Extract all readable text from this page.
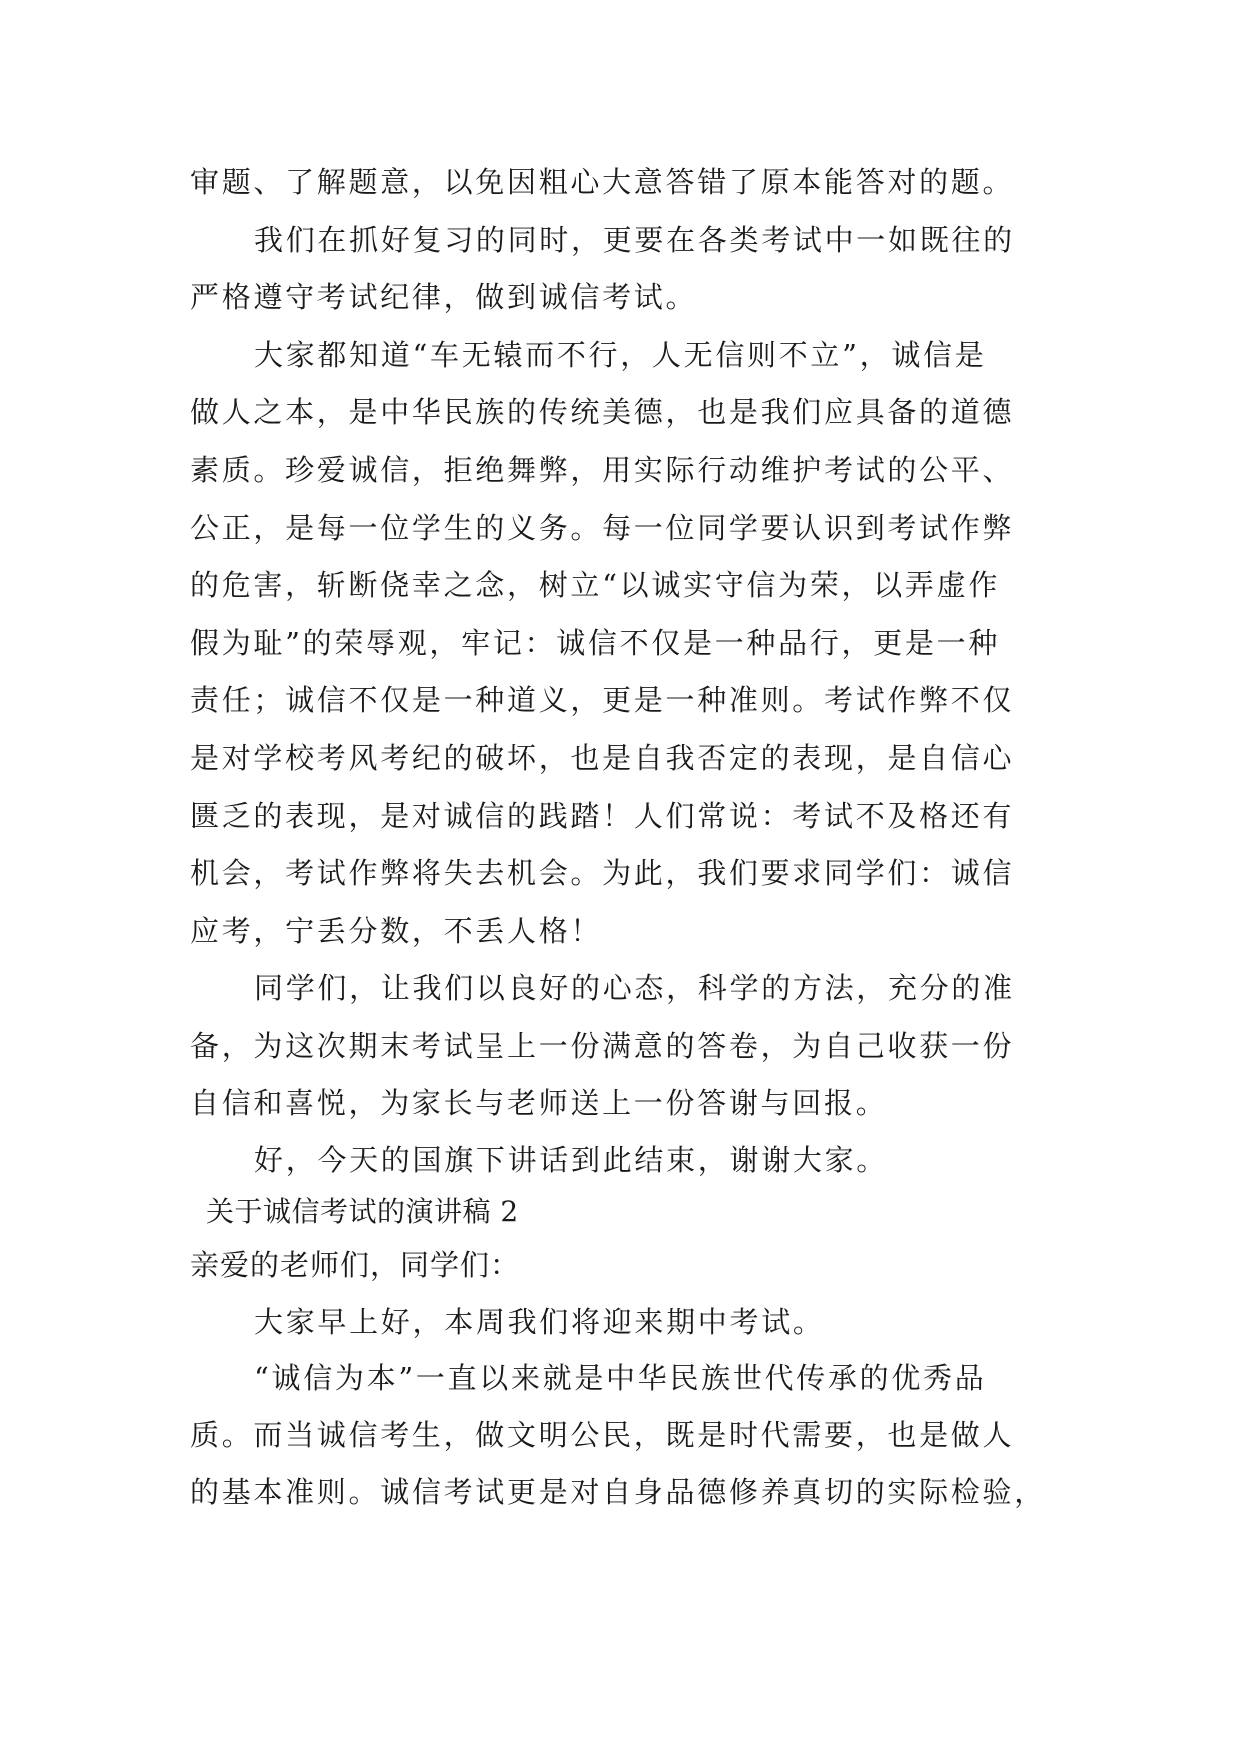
审题、了解题意，以免因粗心大意答错了原本能答对的题。
我们在抓好复习的同时，更要在各类考试中一如既往的
严格遵守考试纪律，做到诚信考试。
大家都知道“车无辕而不行，人无信则不立”，诚信是
做人之本，是中华民族的传统美德，也是我们应具备的道德
素质。珍爱诚信，拒绝舞弊，用实际行动维护考试的公平、
公正，是每一位学生的义务。每一位同学要认识到考试作弊
的危害，斩断侥幸之念，树立“以诚实守信为荣，以弄虚作
假为耻”的荣辱观，牢记：诚信不仅是一种品行，更是一种
责任；诚信不仅是一种道义，更是一种准则。考试作弊不仅
是对学校考风考纪的破坏，也是自我否定的表现，是自信心
匮乏的表现，是对诚信的践踏！人们常说：考试不及格还有
机会，考试作弊将失去机会。为此，我们要求同学们：诚信
应考，宁丢分数，不丢人格！
同学们，让我们以良好的心态，科学的方法，充分的准
备，为这次期末考试呈上一份满意的答卷，为自己收获一份
自信和喜悦，为家长与老师送上一份答谢与回报。
好，今天的国旗下讲话到此结束，谢谢大家。
关于诚信考试的演讲稿 2
亲爱的老师们，同学们：
大家早上好，本周我们将迎来期中考试。
“诚信为本”一直以来就是中华民族世代传承的优秀品
质。而当诚信考生，做文明公民，既是时代需要，也是做人
的基本准则。诚信考试更是对自身品德修养真切的实际检验，
